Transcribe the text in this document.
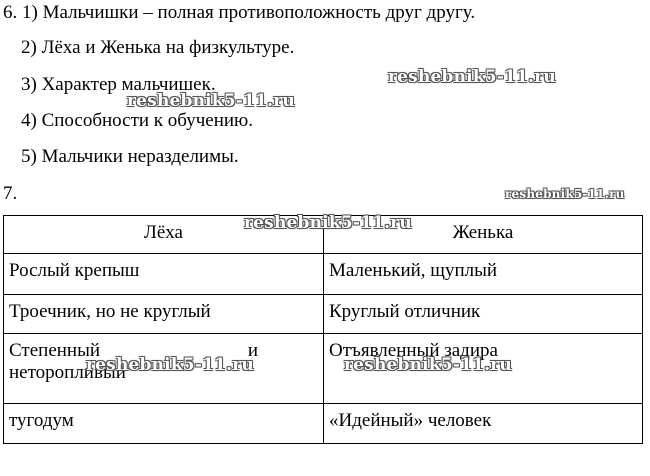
6. 1) Мальчишки – полная противоположность друг другу.
2) Лёха и Женька на физкультуре.
3) Характер мальчишек.
4) Способности к обучению.
5) Мальчики неразделимы.
7.
Лёха	Женька
Рослый крепыш	Маленький, щуплый
Троечник, но не круглый	Круглый отличник

Степенный и
неторопливый	Отъявленный задира
тугодум	«Идейный» человек
reshebnik5-11.ru
reshebnik5-11.ru
reshebnik5-11.ru
reshebnik5-11.ru
reshebnik5-11.ru	reshebnik5-11.ru
